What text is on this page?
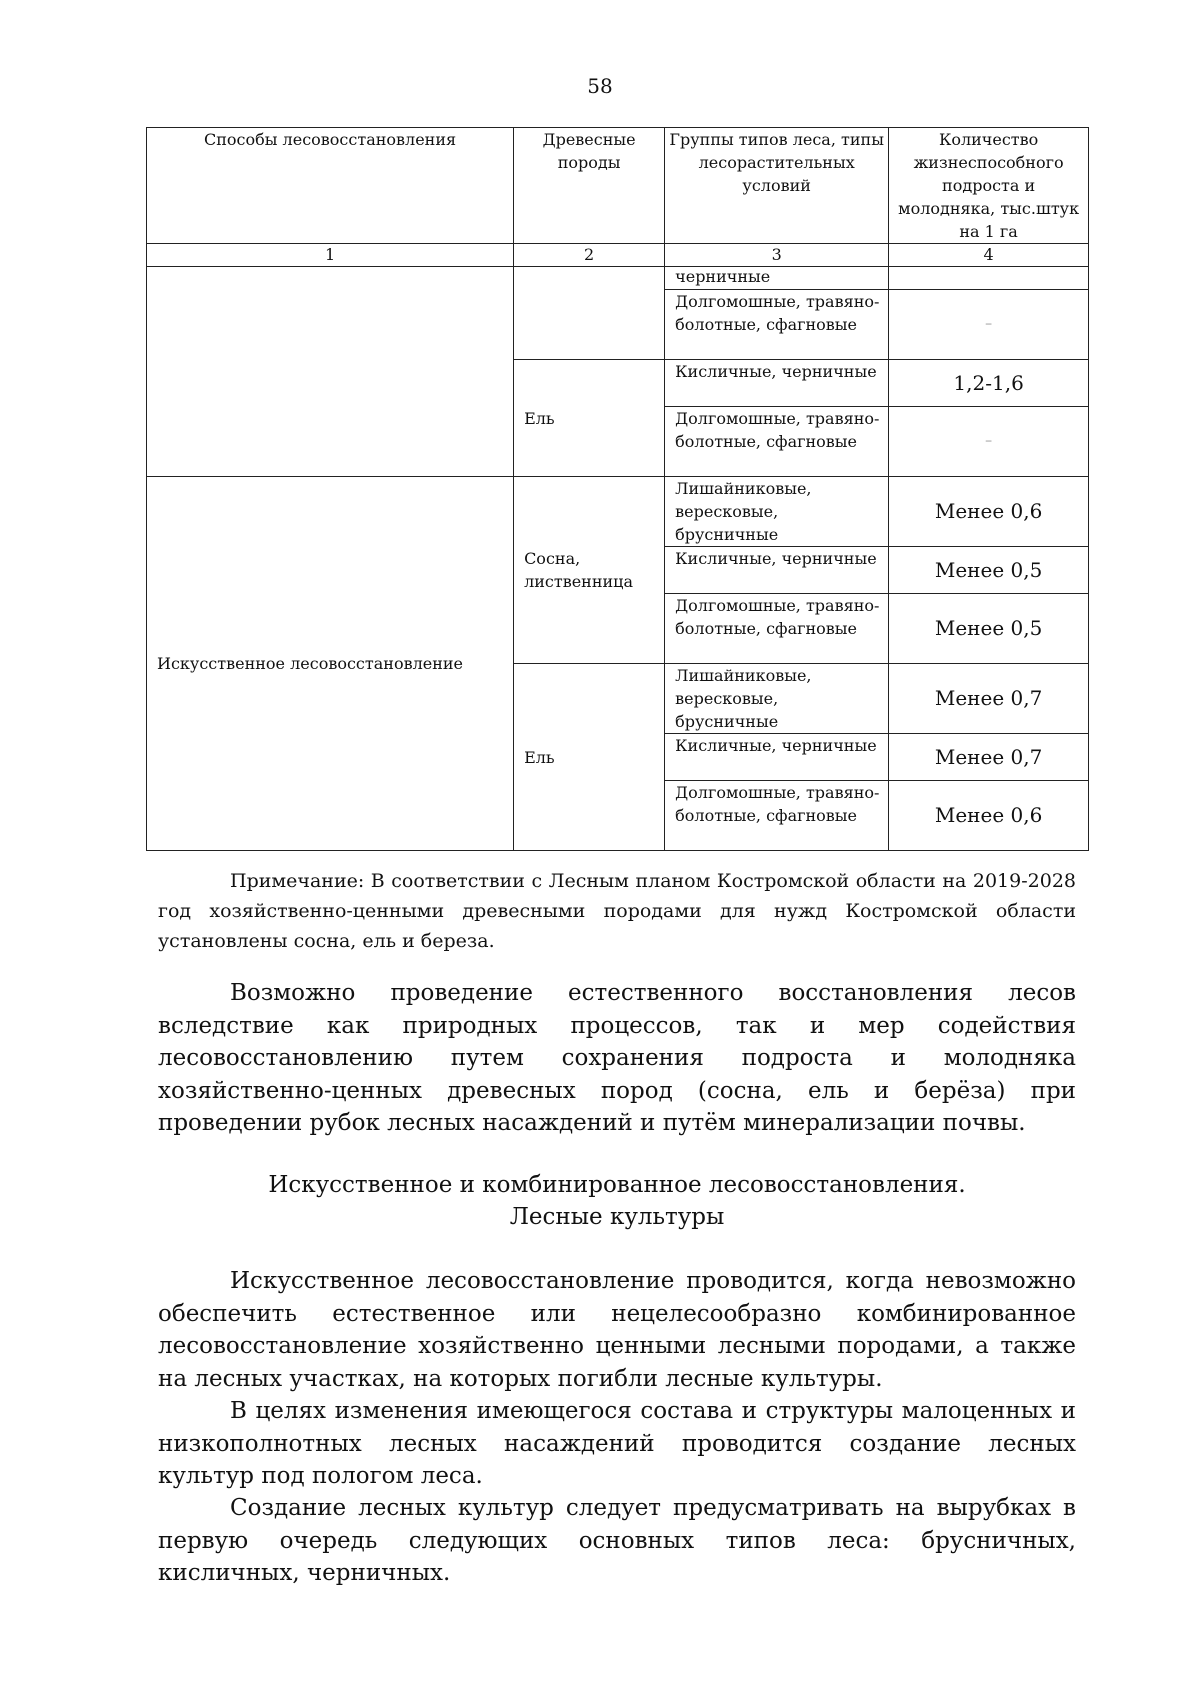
58
Способы лесовосстановления	Древесные породы	Группы типов леса, типы лесорастительных условий	Количество жизнеспособного подроста и молодняка, тыс.штук на 1 га
1	2	3	4
		черничные	
		Долгомошные, травяно-болотные, сфагновые	–
	Ель	Кисличные, черничные	1,2-1,6
		Долгомошные, травяно-болотные, сфагновые	–
Искусственное лесовосстановление	Сосна, лиственница	Лишайниковые, вересковые, брусничные	Менее 0,6
		Кисличные, черничные	Менее 0,5
		Долгомошные, травяно-болотные, сфагновые	Менее 0,5
	Ель	Лишайниковые, вересковые, брусничные	Менее 0,7
		Кисличные, черничные	Менее 0,7
		Долгомошные, травяно-болотные, сфагновые	Менее 0,6
Примечание: В соответствии с Лесным планом Костромской области на 2019-2028 год хозяйственно-ценными древесными породами для нужд Костромской области установлены сосна, ель и береза.
Возможно проведение естественного восстановления лесов вследствие как природных процессов, так и мер содействия лесовосстановлению путем сохранения подроста и молодняка хозяйственно-ценных древесных пород (сосна, ель и берёза) при проведении рубок лесных насаждений и путём минерализации почвы.
Искусственное и комбинированное лесовосстановления.
Лесные культуры
Искусственное лесовосстановление проводится, когда невозможно обеспечить естественное или нецелесообразно комбинированное лесовосстановление хозяйственно ценными лесными породами, а также на лесных участках, на которых погибли лесные культуры.
В целях изменения имеющегося состава и структуры малоценных и низкополнотных лесных насаждений проводится создание лесных культур под пологом леса.
Создание лесных культур следует предусматривать на вырубках в первую очередь следующих основных типов леса: брусничных, кисличных, черничных.
